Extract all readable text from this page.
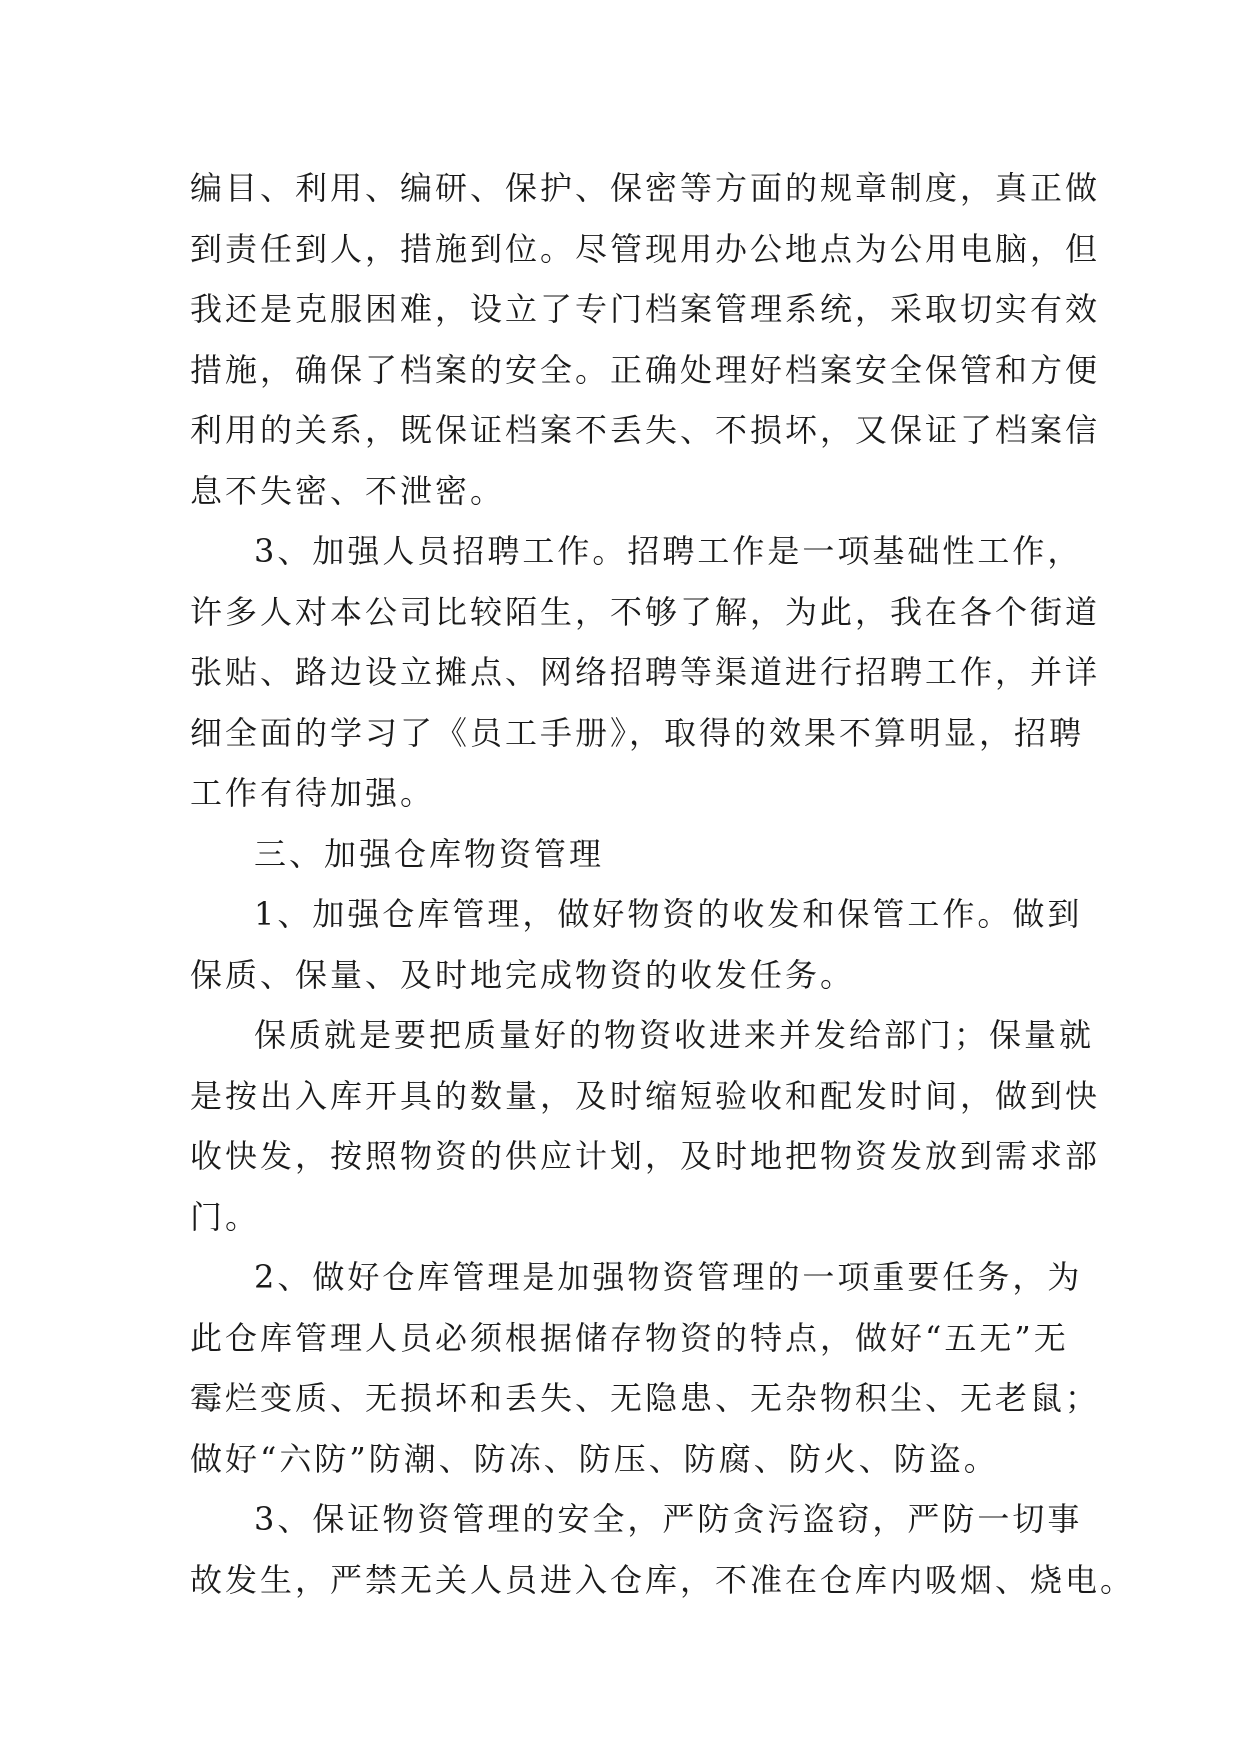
编目、利用、编研、保护、保密等方面的规章制度，真正做
到责任到人，措施到位。尽管现用办公地点为公用电脑，但
我还是克服困难，设立了专门档案管理系统，采取切实有效
措施，确保了档案的安全。正确处理好档案安全保管和方便
利用的关系，既保证档案不丢失、不损坏，又保证了档案信
息不失密、不泄密。
3、加强人员招聘工作。招聘工作是一项基础性工作，
许多人对本公司比较陌生，不够了解，为此，我在各个街道
张贴、路边设立摊点、网络招聘等渠道进行招聘工作，并详
细全面的学习了《员工手册》，取得的效果不算明显，招聘
工作有待加强。
三、加强仓库物资管理
1、加强仓库管理，做好物资的收发和保管工作。做到
保质、保量、及时地完成物资的收发任务。
保质就是要把质量好的物资收进来并发给部门；保量就
是按出入库开具的数量，及时缩短验收和配发时间，做到快
收快发，按照物资的供应计划，及时地把物资发放到需求部
门。
2、做好仓库管理是加强物资管理的一项重要任务，为
此仓库管理人员必须根据储存物资的特点，做好“五无”无
霉烂变质、无损坏和丢失、无隐患、无杂物积尘、无老鼠；
做好“六防”防潮、防冻、防压、防腐、防火、防盗。
3、保证物资管理的安全，严防贪污盗窃，严防一切事
故发生，严禁无关人员进入仓库，不准在仓库内吸烟、烧电。
